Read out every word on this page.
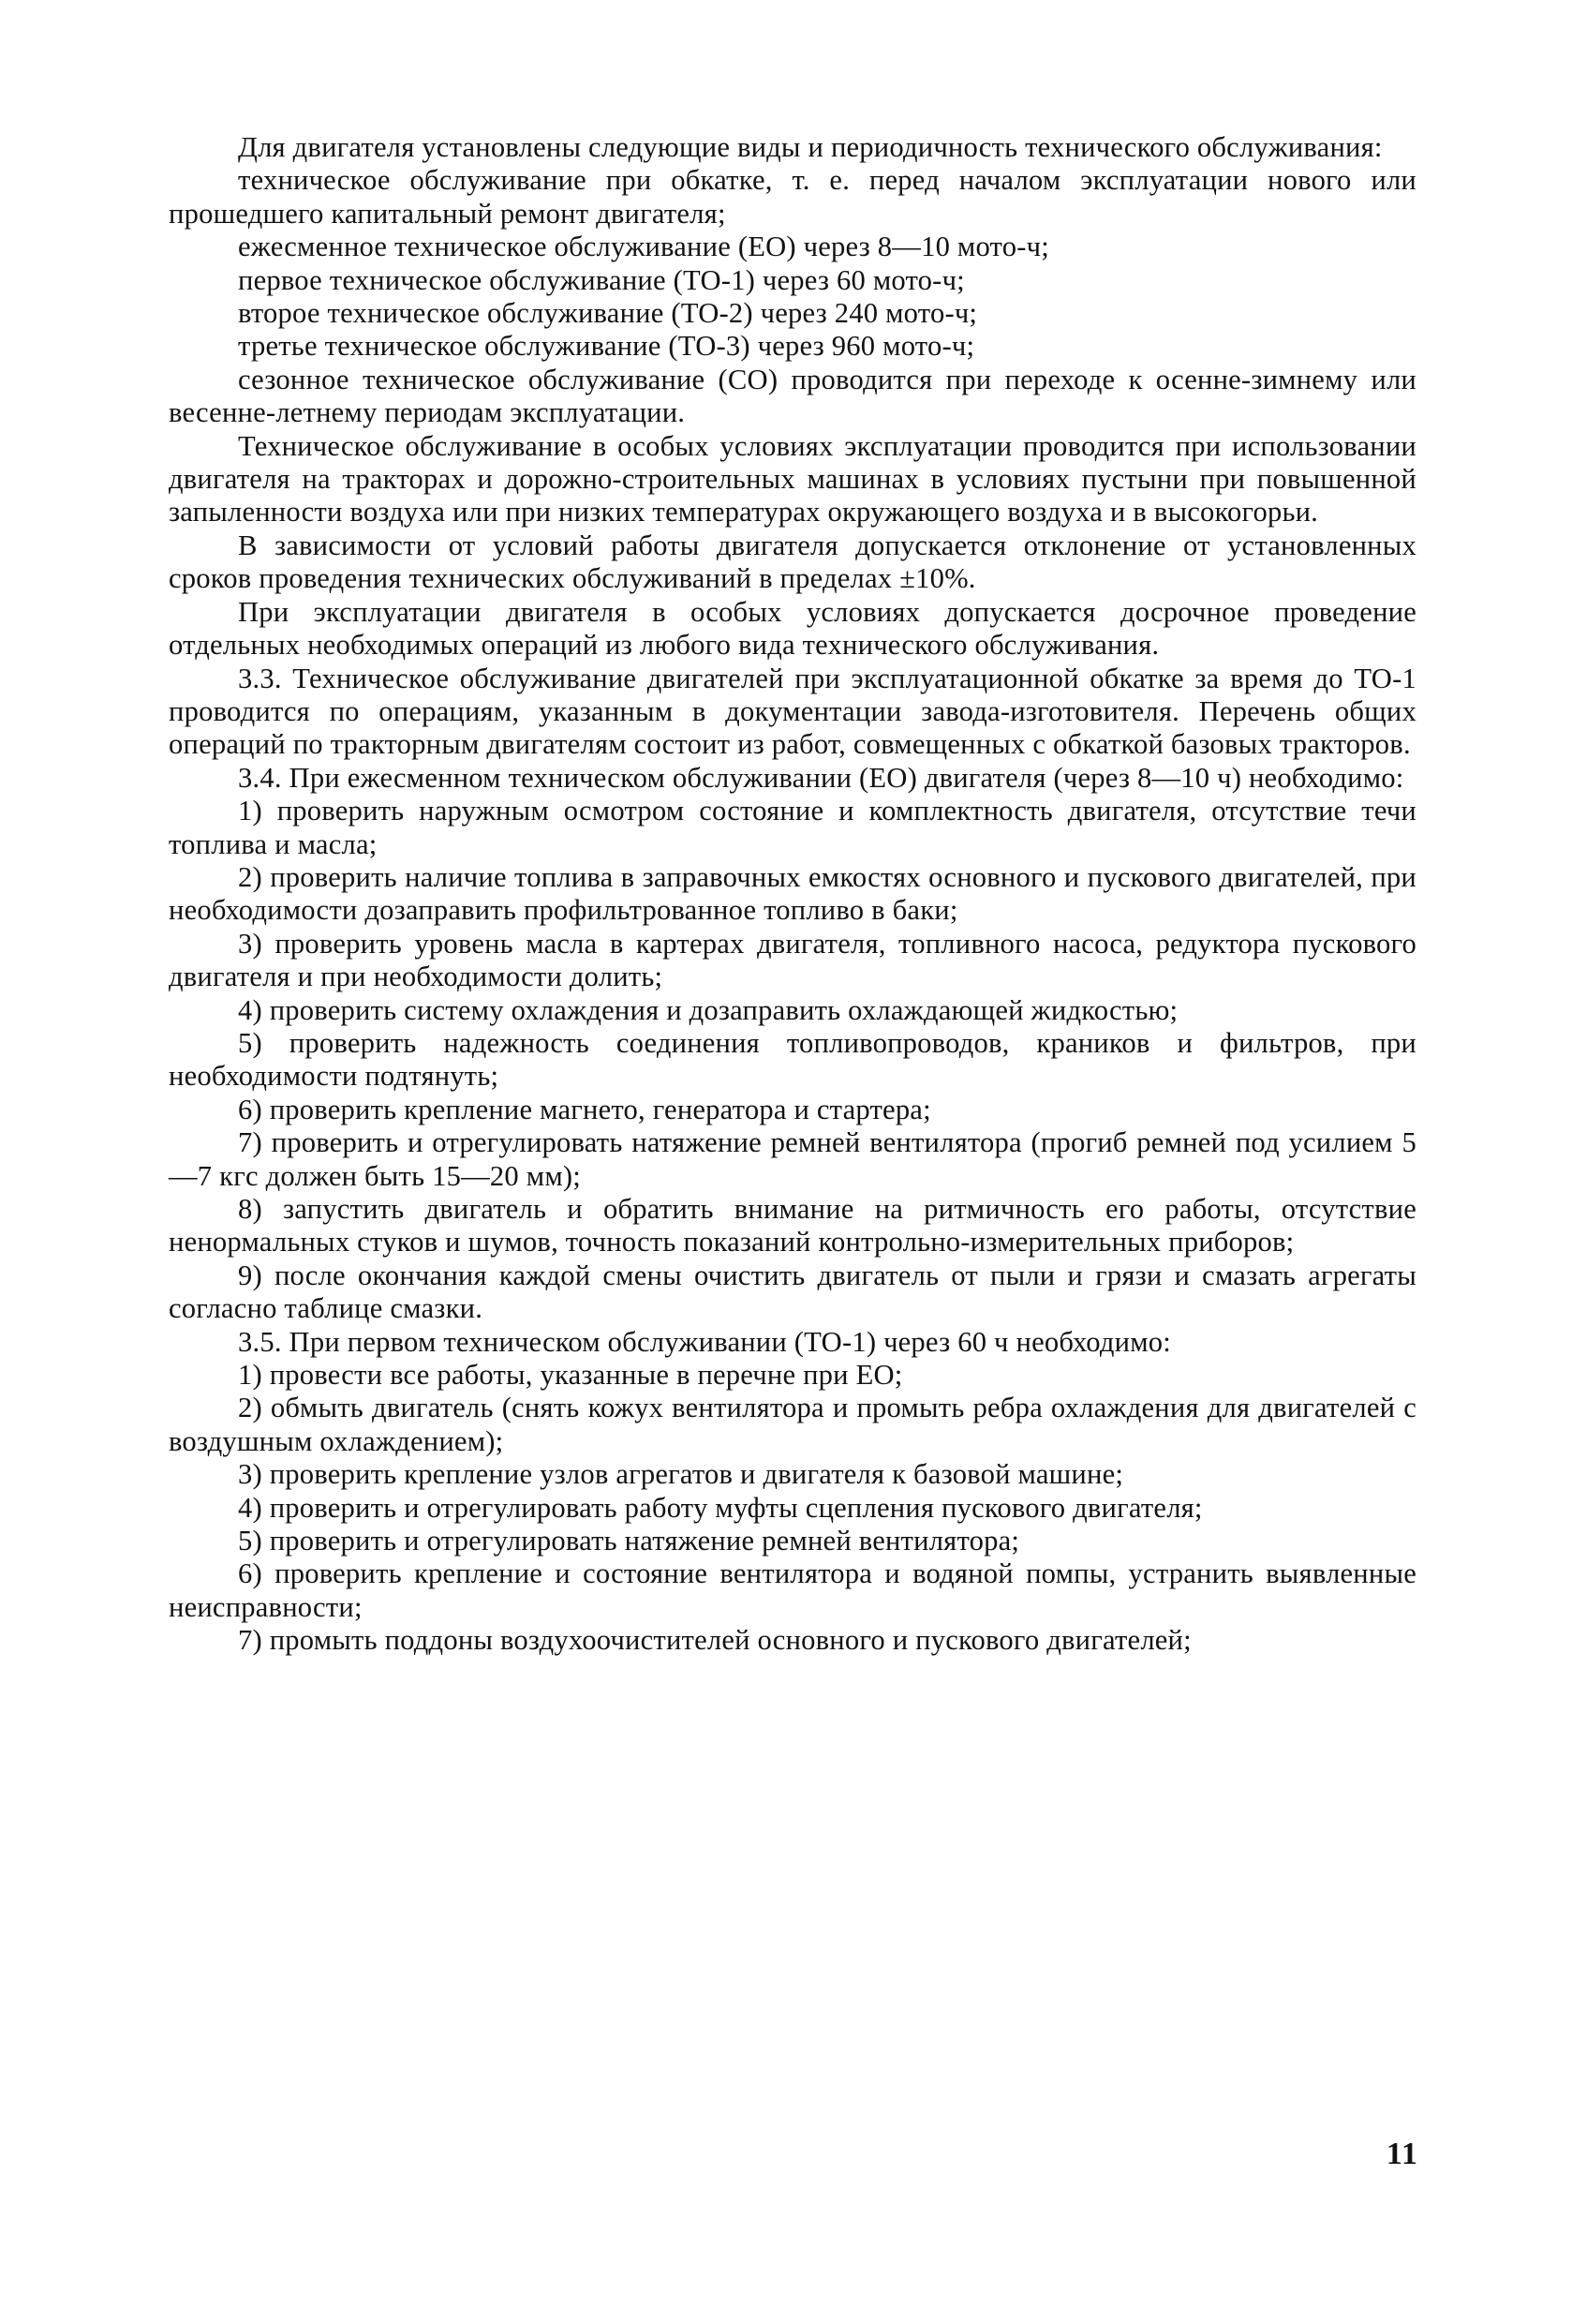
Для двигателя установлены следующие виды и периодичность технического обслуживания:

техническое обслуживание при обкатке, т. е. перед началом эксплуатации нового или прошедшего капитальный ремонт двигателя;

ежесменное техническое обслуживание (ЕО) через 8—10 мото-ч;

первое техническое обслуживание (ТО-1) через 60 мото-ч;

второе техническое обслуживание (ТО-2) через 240 мото-ч;

третье техническое обслуживание (ТО-3) через 960 мото-ч;

сезонное техническое обслуживание (СО) проводится при переходе к осенне-зимнему или весенне-летнему периодам эксплуатации.

Техническое обслуживание в особых условиях эксплуатации проводится при использовании двигателя на тракторах и дорожно-строительных машинах в условиях пустыни при повышенной запыленности воздуха или при низких температурах окружающего воздуха и в высокогорьи.

В зависимости от условий работы двигателя допускается отклонение от установленных сроков проведения технических обслуживаний в пределах ±10%.

При эксплуатации двигателя в особых условиях допускается досрочное проведение отдельных необходимых операций из любого вида технического обслуживания.

3.3. Техническое обслуживание двигателей при эксплуатационной обкатке за время до ТО-1 проводится по операциям, указанным в документации завода-изготовителя. Перечень общих операций по тракторным двигателям состоит из работ, совмещенных с обкаткой базовых тракторов.

3.4. При ежесменном техническом обслуживании (ЕО) двигателя (через 8—10 ч) необходимо:

1) проверить наружным осмотром состояние и комплектность двигателя, отсутствие течи топлива и масла;

2) проверить наличие топлива в заправочных емкостях основного и пускового двигателей, при необходимости дозаправить профильтрованное топливо в баки;

3) проверить уровень масла в картерах двигателя, топливного насоса, редуктора пускового двигателя и при необходимости долить;

4) проверить систему охлаждения и дозаправить охлаждающей жидкостью;

5) проверить надежность соединения топливопроводов, краников и фильтров, при необходимости подтянуть;

6) проверить крепление магнето, генератора и стартера;

7) проверить и отрегулировать натяжение ремней вентилятора (прогиб ремней под усилием 5—7 кгс должен быть 15—20 мм);

8) запустить двигатель и обратить внимание на ритмичность его работы, отсутствие ненормальных стуков и шумов, точность показаний контрольно-измерительных приборов;

9) после окончания каждой смены очистить двигатель от пыли и грязи и смазать агрегаты согласно таблице смазки.

3.5. При первом техническом обслуживании (ТО-1) через 60 ч необходимо:

1) провести все работы, указанные в перечне при ЕО;

2) обмыть двигатель (снять кожух вентилятора и промыть ребра охлаждения для двигателей с воздушным охлаждением);

3) проверить крепление узлов агрегатов и двигателя к базовой машине;

4) проверить и отрегулировать работу муфты сцепления пускового двигателя;

5) проверить и отрегулировать натяжение ремней вентилятора;

6) проверить крепление и состояние вентилятора и водяной помпы, устранить выявленные неисправности;

7) промыть поддоны воздухоочистителей основного и пускового двигателей;

11
